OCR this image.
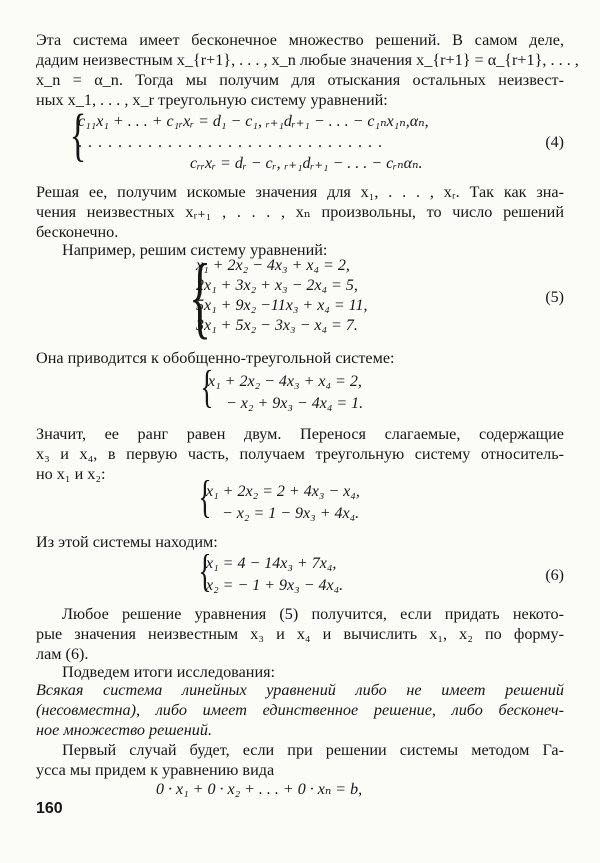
Эта система имеет бесконечное множество решений. В самом деле,
дадим неизвестным x_{r+1}, . . . , x_n любые значения x_{r+1} = α_{r+1}, . . . ,
x_n = α_n. Тогда мы получим для отыскания остальных неизвест-
ных x_1, . . . , x_r треугольную систему уравнений:
{
c₁₁x₁ + . . . + c₁ᵣxᵣ = d₁ − c₁, ᵣ₊₁dᵣ₊₁ − . . . − c₁ₙx₁ₙ,αₙ,
. . . . . . . . . . . . . . . . . . . . . . . . . . . . . . .
cᵣᵣxᵣ = dᵣ − cᵣ, ᵣ₊₁dᵣ₊₁ − . . . − cᵣₙαₙ.
(4)
Решая ее, получим искомые значения для x₁, . . . , xᵣ. Так как зна-
чения неизвестных xᵣ₊₁ , . . . , xₙ произвольны, то число решений
бесконечно.
Например, решим систему уравнений:
{
x₁ + 2x₂ − 4x₃ + x₄ = 2,
2x₁ + 3x₂ + x₃ − 2x₄ = 5,
5x₁ + 9x₂ −11x₃ + x₄ = 11,
3x₁ + 5x₂ − 3x₃ − x₄ = 7.
(5)
Она приводится к обобщенно-треугольной системе:
{
x₁ + 2x₂ − 4x₃ + x₄ = 2,
− x₂ + 9x₃ − 4x₄ = 1.
Значит, ее ранг равен двум. Перенося слагаемые, содержащие
x₃ и x₄, в первую часть, получаем треугольную систему относитель-
но x₁ и x₂: {
x₁ + 2x₂ = 2 + 4x₃ − x₄,
− x₂ = 1 − 9x₃ + 4x₄.
Из этой системы находим:
{
x₁ = 4 − 14x₃ + 7x₄,
x₂ = − 1 + 9x₃ − 4x₄.
(6)
Любое решение уравнения (5) получится, если придать некото-
рые значения неизвестным x₃ и x₄ и вычислить x₁, x₂ по форму-
лам (6).
Подведем итоги исследования:
Всякая система линейных уравнений либо не имеет решений
(несовместна), либо имеет единственное решение, либо бесконеч-
ное множество решений.
Первый случай будет, если при решении системы методом Га-
усса мы придем к уравнению вида
0 · x₁ + 0 · x₂ + . . . + 0 · xₙ = b,
160
